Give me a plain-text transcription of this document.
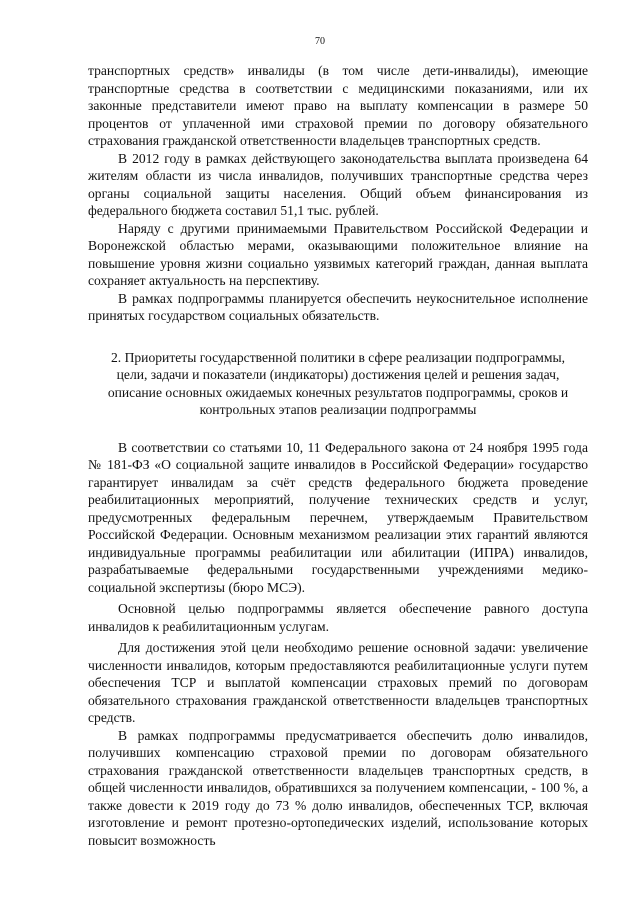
70

транспортных средств» инвалиды (в том числе дети-инвалиды), имеющие транспортные средства в соответствии с медицинскими показаниями, или их законные представители имеют право на выплату компенсации в размере 50 процентов от уплаченной ими страховой премии по договору обязательного страхования гражданской ответственности владельцев транспортных средств.

В 2012 году в рамках действующего законодательства выплата произведена 64 жителям области из числа инвалидов, получивших транспортные средства через органы социальной защиты населения. Общий объем финансирования из федерального бюджета составил 51,1 тыс. рублей.

Наряду с другими принимаемыми Правительством Российской Федерации и Воронежской областью мерами, оказывающими положительное влияние на повышение уровня жизни социально уязвимых категорий граждан, данная выплата сохраняет актуальность на перспективу.

В рамках подпрограммы планируется обеспечить неукоснительное исполнение принятых государством социальных обязательств.

2. Приоритеты государственной политики в сфере реализации подпрограммы, цели, задачи и показатели (индикаторы) достижения целей и решения задач, описание основных ожидаемых конечных результатов подпрограммы, сроков и контрольных этапов реализации подпрограммы

В соответствии со статьями 10, 11 Федерального закона от 24 ноября 1995 года № 181-ФЗ «О социальной защите инвалидов в Российской Федерации» государство гарантирует инвалидам за счёт средств федерального бюджета проведение реабилитационных мероприятий, получение технических средств и услуг, предусмотренных федеральным перечнем, утверждаемым Правительством Российской Федерации. Основным механизмом реализации этих гарантий являются индивидуальные программы реабилитации или абилитации (ИПРА) инвалидов, разрабатываемые федеральными государственными учреждениями медико-социальной экспертизы (бюро МСЭ).

Основной целью подпрограммы является обеспечение равного доступа инвалидов к реабилитационным услугам.

Для достижения этой цели необходимо решение основной задачи: увеличение численности инвалидов, которым предоставляются реабилитационные услуги путем обеспечения ТСР и выплатой компенсации страховых премий по договорам обязательного страхования гражданской ответственности владельцев транспортных средств.

В рамках подпрограммы предусматривается обеспечить долю инвалидов, получивших компенсацию страховой премии по договорам обязательного страхования гражданской ответственности владельцев транспортных средств, в общей численности инвалидов, обратившихся за получением компенсации, - 100 %, а также довести к 2019 году до 73 % долю инвалидов, обеспеченных ТСР, включая изготовление и ремонт протезно-ортопедических изделий, использование которых повысит возможность
